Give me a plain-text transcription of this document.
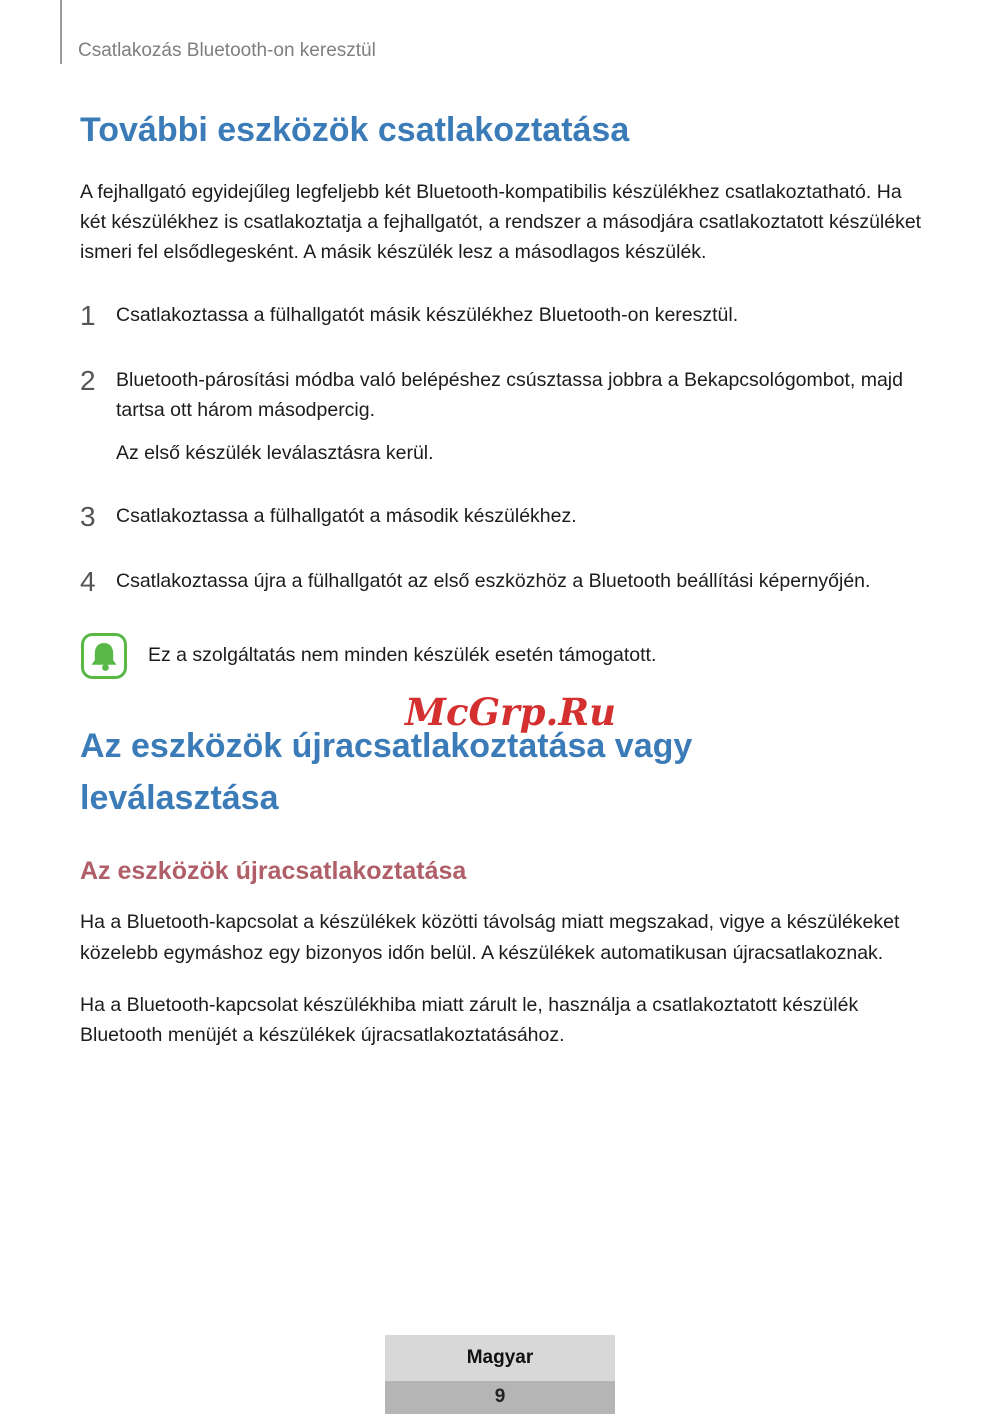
Csatlakozás Bluetooth-on keresztül
További eszközök csatlakoztatása

A fejhallgató egyidejűleg legfeljebb két Bluetooth-kompatibilis készülékhez csatlakoztatható. Ha két készülékhez is csatlakoztatja a fejhallgatót, a rendszer a másodjára csatlakoztatott készüléket ismeri fel elsődlegesként. A másik készülék lesz a másodlagos készülék.

1	Csatlakoztassa a fülhallgatót másik készülékhez Bluetooth-on keresztül.

2	Bluetooth-párosítási módba való belépéshez csúsztassa jobbra a Bekapcsológombot, majd tartsa ott három másodpercig.

Az első készülék leválasztásra kerül.

3	Csatlakoztassa a fülhallgatót a második készülékhez.

4	Csatlakoztassa újra a fülhallgatót az első eszközhöz a Bluetooth beállítási képernyőjén.

Ez a szolgáltatás nem minden készülék esetén támogatott.
Az eszközök újracsatlakoztatása vagy
leválasztása
Az eszközök újracsatlakoztatása

Ha a Bluetooth-kapcsolat a készülékek közötti távolság miatt megszakad, vigye a készülékeket közelebb egymáshoz egy bizonyos időn belül. A készülékek automatikusan újracsatlakoznak.

Ha a Bluetooth-kapcsolat készülékhiba miatt zárult le, használja a csatlakoztatott készülék Bluetooth menüjét a készülékek újracsatlakoztatásához.

McGrp.Ru
Magyar
9
